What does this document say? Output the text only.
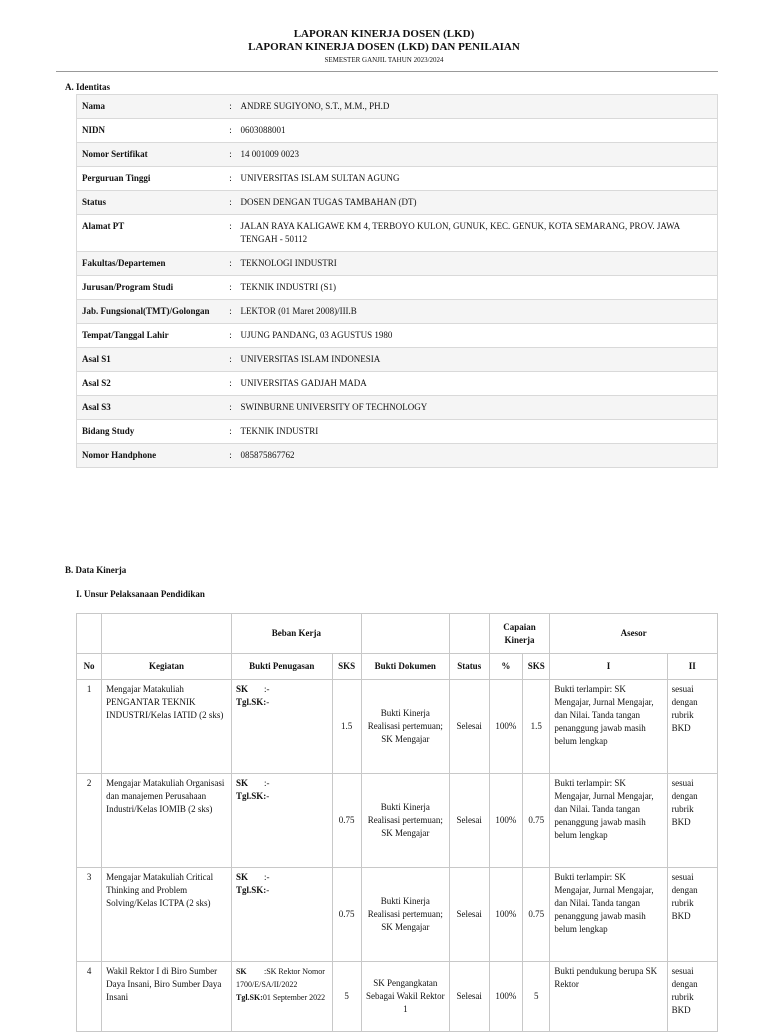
LAPORAN KINERJA DOSEN (LKD)
LAPORAN KINERJA DOSEN (LKD) DAN PENILAIAN
SEMESTER GANJIL TAHUN 2023/2024
A. Identitas
Nama	:	ANDRE SUGIYONO, S.T., M.M., PH.D
NIDN	:	0603088001
Nomor Sertifikat	:	14 001009 0023
Perguruan Tinggi	:	UNIVERSITAS ISLAM SULTAN AGUNG
Status	:	DOSEN DENGAN TUGAS TAMBAHAN (DT)
Alamat PT	:	JALAN RAYA KALIGAWE KM 4, TERBOYO KULON, GUNUK, KEC. GENUK, KOTA SEMARANG, PROV. JAWA TENGAH - 50112
Fakultas/Departemen	:	TEKNOLOGI INDUSTRI
Jurusan/Program Studi	:	TEKNIK INDUSTRI (S1)
Jab. Fungsional(TMT)/Golongan	:	LEKTOR (01 Maret 2008)/III.B
Tempat/Tanggal Lahir	:	UJUNG PANDANG, 03 AGUSTUS 1980
Asal S1	:	UNIVERSITAS ISLAM INDONESIA
Asal S2	:	UNIVERSITAS GADJAH MADA
Asal S3	:	SWINBURNE UNIVERSITY OF TECHNOLOGY
Bidang Study	:	TEKNIK INDUSTRI
Nomor Handphone	:	085875867762
B. Data Kinerja
I. Unsur Pelaksanaan Pendidikan
		Beban Kerja				Capaian Kinerja		Asesor	
No	Kegiatan	Bukti Penugasan	SKS	Bukti Dokumen	Status	%	SKS	I	II
1	Mengajar Matakuliah PENGANTAR TEKNIK INDUSTRI/Kelas IATID (2 sks)	SK :-
Tgl.SK:-	1.5	Bukti Kinerja Realisasi pertemuan; SK Mengajar	Selesai	100%	1.5	Bukti terlampir: SK Mengajar, Jurnal Mengajar, dan Nilai. Tanda tangan penanggung jawab masih belum lengkap	sesuai dengan rubrik BKD
2	Mengajar Matakuliah Organisasi dan manajemen Perusahaan Industri/Kelas IOMIB (2 sks)	SK :-
Tgl.SK:-	0.75	Bukti Kinerja Realisasi pertemuan; SK Mengajar	Selesai	100%	0.75	Bukti terlampir: SK Mengajar, Jurnal Mengajar, dan Nilai. Tanda tangan penanggung jawab masih belum lengkap	sesuai dengan rubrik BKD
3	Mengajar Matakuliah Critical Thinking and Problem Solving/Kelas ICTPA (2 sks)	SK :-
Tgl.SK:-	0.75	Bukti Kinerja Realisasi pertemuan; SK Mengajar	Selesai	100%	0.75	Bukti terlampir: SK Mengajar, Jurnal Mengajar, dan Nilai. Tanda tangan penanggung jawab masih belum lengkap	sesuai dengan rubrik BKD
4	Wakil Rektor I di Biro Sumber Daya Insani, Biro Sumber Daya Insani	SK :SK Rektor Nomor 1700/E/SA/II/2022
Tgl.SK:01 September 2022	5	SK Pengangkatan Sebagai Wakil Rektor 1	Selesai	100%	5	Bukti pendukung berupa SK Rektor	sesuai dengan rubrik BKD
